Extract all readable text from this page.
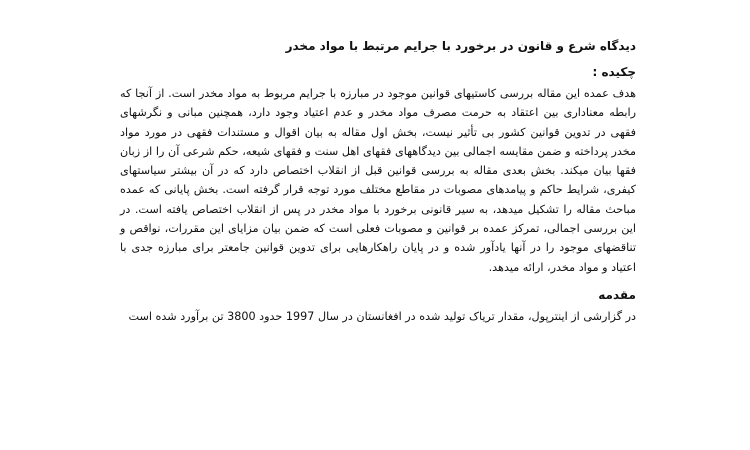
دیدگاه شرع و قانون در برخورد با جرایم مرتبط با مواد مخدر
چکیده :

هدف عمده این مقاله بررسی کاستیهای قوانین موجود در مبارزه با جرایم مربوط به مواد مخدر است. از آنجا که رابطه معناداری بین اعتقاد به حرمت مصرف مواد مخدر و عدم اعتیاد وجود دارد، همچنین مبانی و نگرشهای فقهی در تدوین قوانین کشور بی تأثیر نیست، بخش اول مقاله به بیان اقوال و مستندات فقهی در مورد مواد مخدر پرداخته و ضمن مقایسه اجمالی بین دیدگاههای فقهای اهل سنت و فقهای شیعه، حکم شرعی آن را از زبان فقها بیان میکند. بخش بعدی مقاله به بررسی قوانین قبل از انقلاب اختصاص دارد که در آن بیشتر سیاستهای کیفری، شرایط حاکم و پیامدهای مصوبات در مقاطع مختلف مورد توجه قرار گرفته است. بخش پایانی که عمده مباحث مقاله را تشکیل میدهد، به سیر قانونی برخورد با مواد مخدر در پس از انقلاب اختصاص یافته است. در این بررسی اجمالی، تمرکز عمده بر قوانین و مصوبات فعلی است که ضمن بیان مزایای این مقررات، نواقص و تناقضهای موجود را در آنها یادآور شده و در پایان راهکارهایی برای تدوین قوانین جامعتر برای مبارزه جدی با اعتیاد و مواد مخدر، ارائه میدهد.

مقدمه

در گزارشی از اینترپول، مقدار تریاک تولید شده در افغانستان در سال 1997 حدود 3800 تن برآورد شده است
